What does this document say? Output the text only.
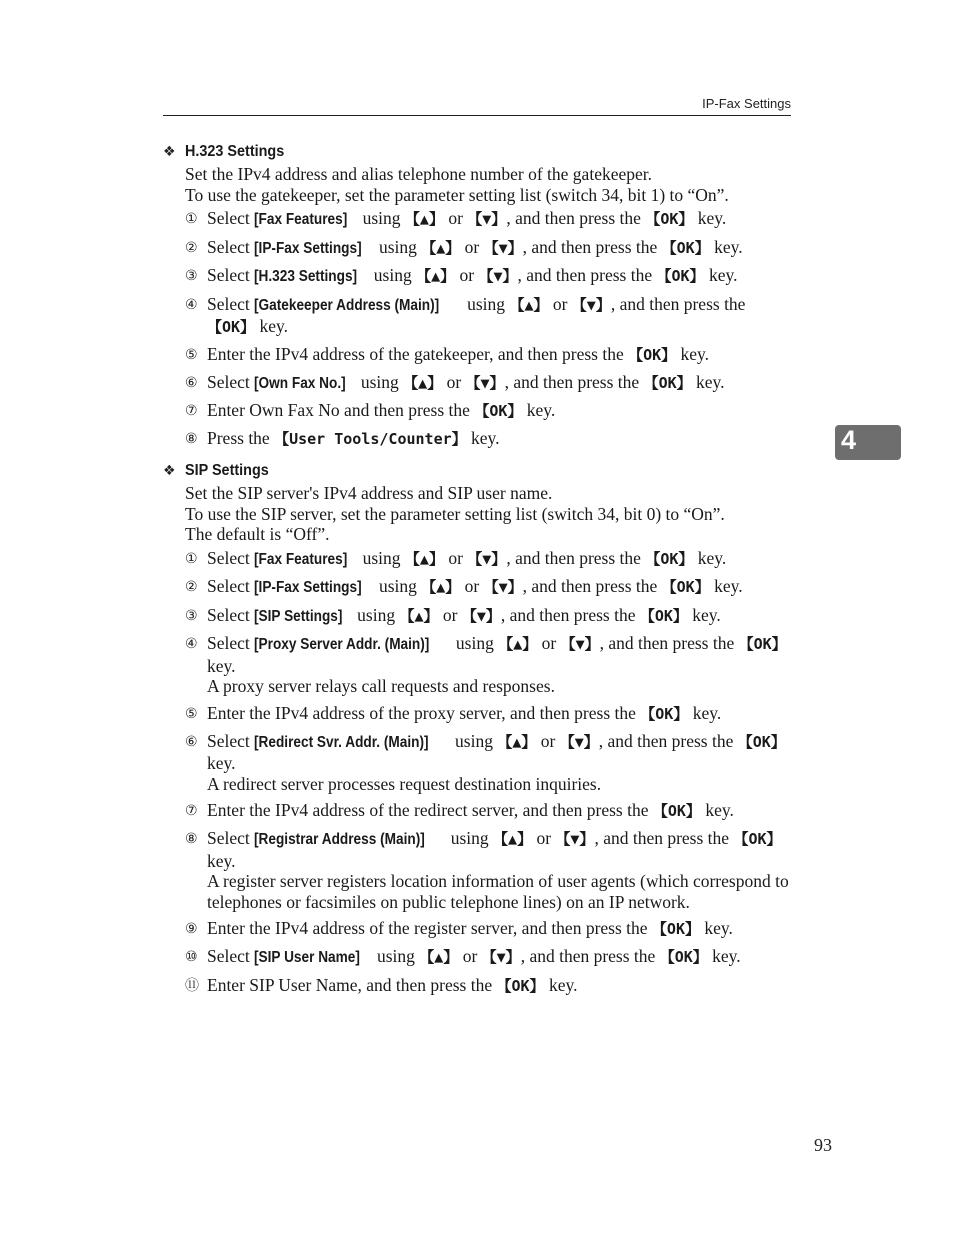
IP-Fax Settings
4
❖ H.323 Settings
Set the IPv4 address and alias telephone number of the gatekeeper.
To use the gatekeeper, set the parameter setting list (switch 34, bit 1) to “On”.
① Select [Fax Features] using 【▲】 or 【▼】, and then press the 【OK】 key.
② Select [IP-Fax Settings] using 【▲】 or 【▼】, and then press the 【OK】 key.
③ Select [H.323 Settings] using 【▲】 or 【▼】, and then press the 【OK】 key.
④ Select [Gatekeeper Address (Main)] using 【▲】 or 【▼】, and then press the 【OK】 key.
⑤ Enter the IPv4 address of the gatekeeper, and then press the 【OK】 key.
⑥ Select [Own Fax No.] using 【▲】 or 【▼】, and then press the 【OK】 key.
⑦ Enter Own Fax No and then press the 【OK】 key.
⑧ Press the 【User Tools/Counter】 key.
❖ SIP Settings
Set the SIP server's IPv4 address and SIP user name.
To use the SIP server, set the parameter setting list (switch 34, bit 0) to “On”.
The default is “Off”.
① Select [Fax Features] using 【▲】 or 【▼】, and then press the 【OK】 key.
② Select [IP-Fax Settings] using 【▲】 or 【▼】, and then press the 【OK】 key.
③ Select [SIP Settings] using 【▲】 or 【▼】, and then press the 【OK】 key.
④ Select [Proxy Server Addr. (Main)] using 【▲】 or 【▼】, and then press the 【OK】 key.
A proxy server relays call requests and responses.
⑤ Enter the IPv4 address of the proxy server, and then press the 【OK】 key.
⑥ Select [Redirect Svr. Addr. (Main)] using 【▲】 or 【▼】, and then press the 【OK】 key.
A redirect server processes request destination inquiries.
⑦ Enter the IPv4 address of the redirect server, and then press the 【OK】 key.
⑧ Select [Registrar Address (Main)] using 【▲】 or 【▼】, and then press the 【OK】 key.
A register server registers location information of user agents (which correspond to telephones or facsimiles on public telephone lines) on an IP network.
⑨ Enter the IPv4 address of the register server, and then press the 【OK】 key.
⑩ Select [SIP User Name] using 【▲】 or 【▼】, and then press the 【OK】 key.
⑪ Enter SIP User Name, and then press the 【OK】 key.
93
